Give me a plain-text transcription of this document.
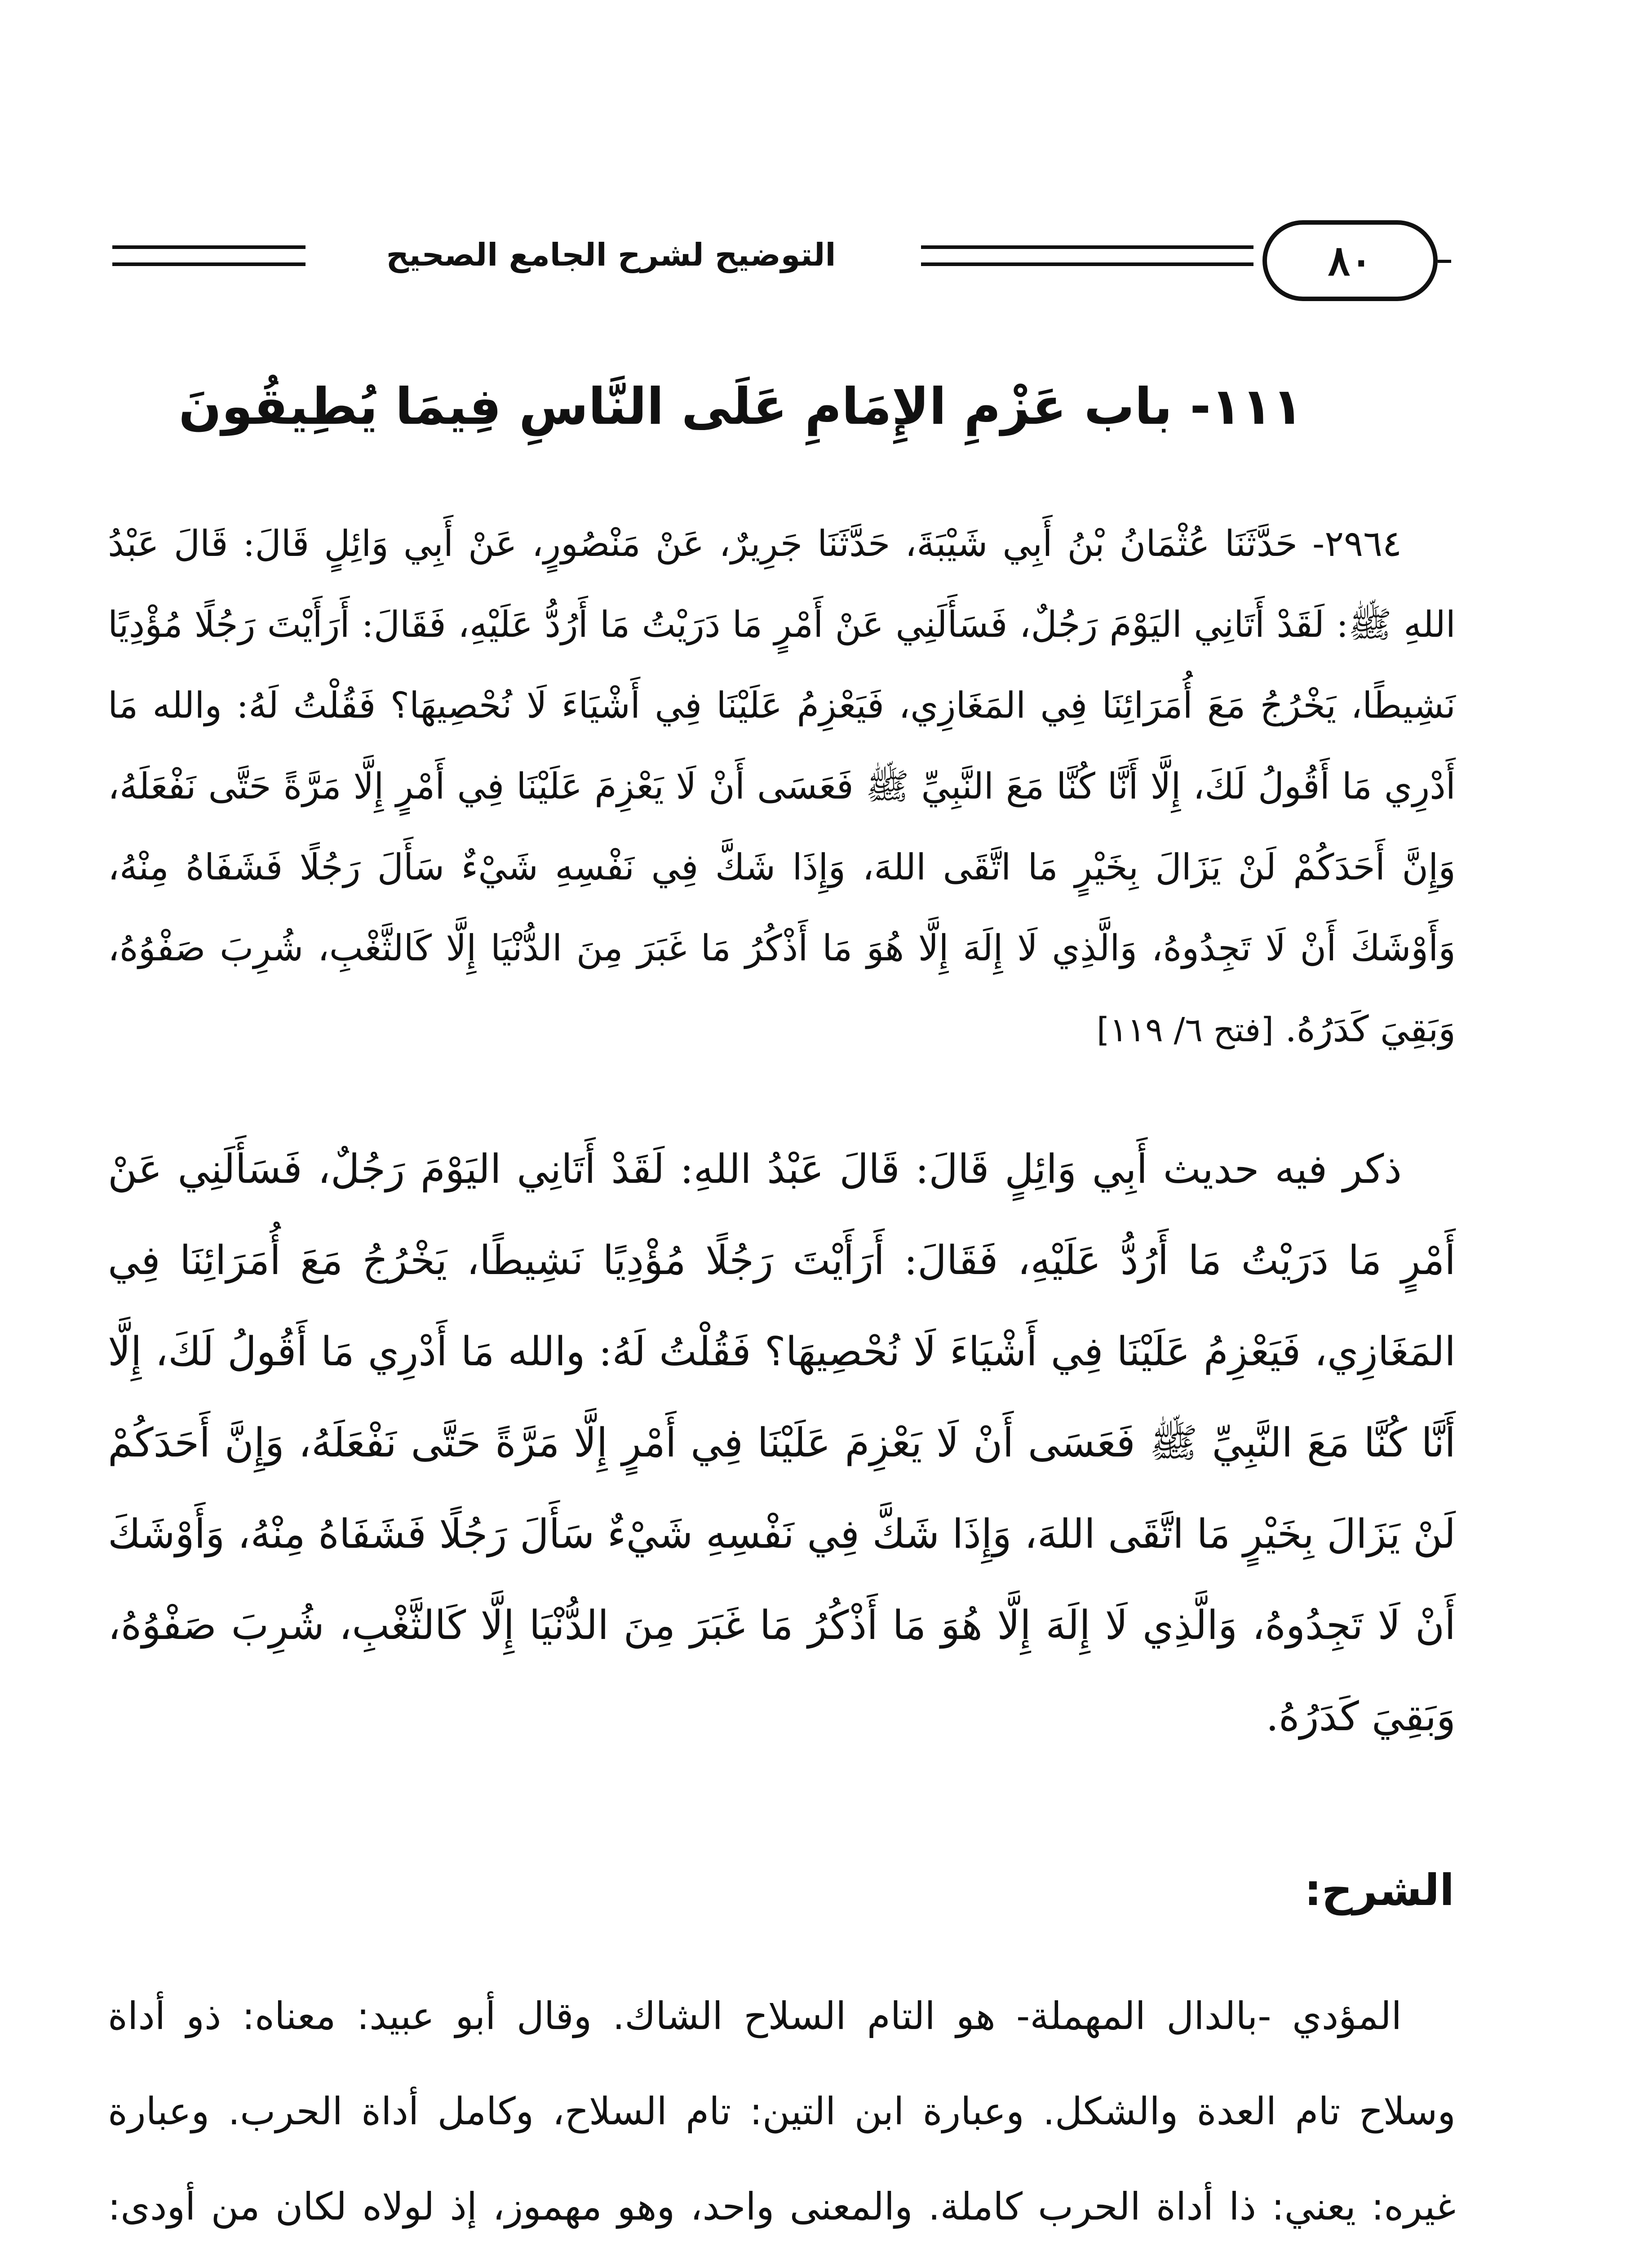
٨٠
التوضيح لشرح الجامع الصحيح
١١١- باب عَزْمِ الإِمَامِ عَلَى النَّاسِ فِيمَا يُطِيقُونَ

٢٩٦٤- حَدَّثَنَا عُثْمَانُ بْنُ أَبِي شَيْبَةَ، حَدَّثَنَا جَرِيرٌ، عَنْ مَنْصُورٍ، عَنْ أَبِي وَائِلٍ قَالَ: قَالَ عَبْدُ اللهِ ﷺ: لَقَدْ أَتَانِي اليَوْمَ رَجُلٌ، فَسَأَلَنِي عَنْ أَمْرٍ مَا دَرَيْتُ مَا أَرُدُّ عَلَيْهِ، فَقَالَ: أَرَأَيْتَ رَجُلًا مُؤْدِيًا نَشِيطًا، يَخْرُجُ مَعَ أُمَرَائِنَا فِي المَغَازِي، فَيَعْزِمُ عَلَيْنَا فِي أَشْيَاءَ لَا نُحْصِيهَا؟ فَقُلْتُ لَهُ: والله مَا أَدْرِي مَا أَقُولُ لَكَ، إِلَّا أَنَّا كُنَّا مَعَ النَّبِيِّ ﷺ فَعَسَى أَنْ لَا يَعْزِمَ عَلَيْنَا فِي أَمْرٍ إِلَّا مَرَّةً حَتَّى نَفْعَلَهُ، وَإِنَّ أَحَدَكُمْ لَنْ يَزَالَ بِخَيْرٍ مَا اتَّقَى اللهَ، وَإِذَا شَكَّ فِي نَفْسِهِ شَيْءٌ سَأَلَ رَجُلًا فَشَفَاهُ مِنْهُ، وَأَوْشَكَ أَنْ لَا تَجِدُوهُ، وَالَّذِي لَا إِلَهَ إِلَّا هُوَ مَا أَذْكُرُ مَا غَبَرَ مِنَ الدُّنْيَا إِلَّا كَالثَّغْبِ، شُرِبَ صَفْوُهُ، وَبَقِيَ كَدَرُهُ. [فتح ٦/ ١١٩]

ذكر فيه حديث أَبِي وَائِلٍ قَالَ: قَالَ عَبْدُ اللهِ: لَقَدْ أَتَانِي اليَوْمَ رَجُلٌ، فَسَأَلَنِي عَنْ أَمْرٍ مَا دَرَيْتُ مَا أَرُدُّ عَلَيْهِ، فَقَالَ: أَرَأَيْتَ رَجُلًا مُؤْدِيًا نَشِيطًا، يَخْرُجُ مَعَ أُمَرَائِنَا فِي المَغَازِي، فَيَعْزِمُ عَلَيْنَا فِي أَشْيَاءَ لَا نُحْصِيهَا؟ فَقُلْتُ لَهُ: والله مَا أَدْرِي مَا أَقُولُ لَكَ، إِلَّا أَنَّا كُنَّا مَعَ النَّبِيِّ ﷺ فَعَسَى أَنْ لَا يَعْزِمَ عَلَيْنَا فِي أَمْرٍ إِلَّا مَرَّةً حَتَّى نَفْعَلَهُ، وَإِنَّ أَحَدَكُمْ لَنْ يَزَالَ بِخَيْرٍ مَا اتَّقَى اللهَ، وَإِذَا شَكَّ فِي نَفْسِهِ شَيْءٌ سَأَلَ رَجُلًا فَشَفَاهُ مِنْهُ، وَأَوْشَكَ أَنْ لَا تَجِدُوهُ، وَالَّذِي لَا إِلَهَ إِلَّا هُوَ مَا أَذْكُرُ مَا غَبَرَ مِنَ الدُّنْيَا إِلَّا كَالثَّغْبِ، شُرِبَ صَفْوُهُ، وَبَقِيَ كَدَرُهُ.

الشرح:

المؤدي -بالدال المهملة- هو التام السلاح الشاك. وقال أبو عبيد: معناه: ذو أداة وسلاح تام العدة والشكل. وعبارة ابن التين: تام السلاح، وكامل أداة الحرب. وعبارة غيره: يعني: ذا أداة الحرب كاملة. والمعنى واحد، وهو مهموز، إذ لولاه لكان من أودى:
